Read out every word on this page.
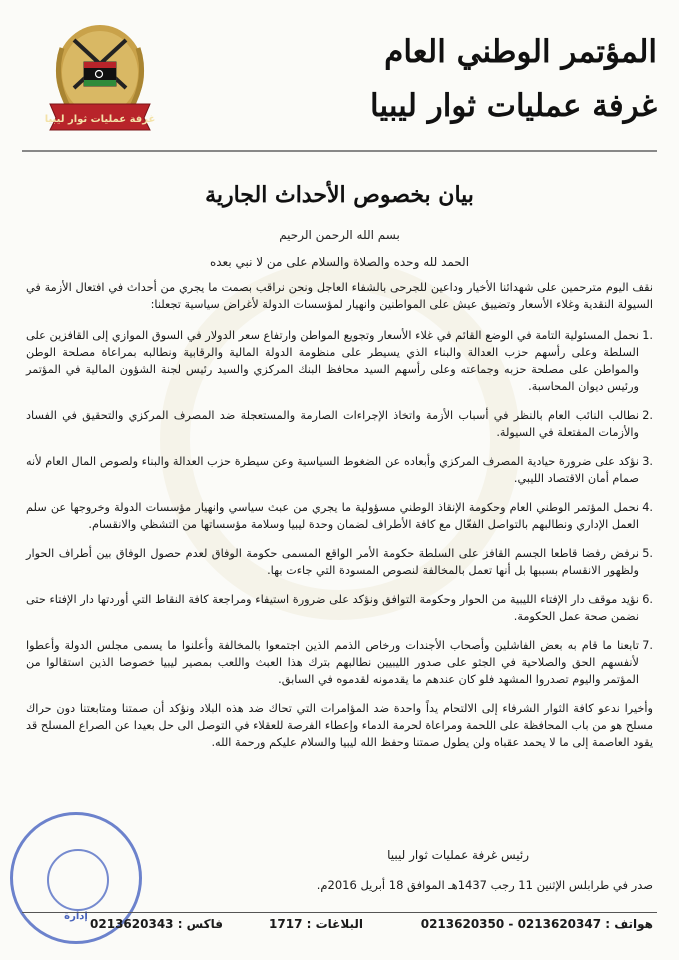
غرفة عمليات ثوار ليبيا
المؤتمر الوطني العام
غرفة عمليات ثوار ليبيا
بيان بخصوص الأحداث الجارية
بسم الله الرحمن الرحيم
الحمد لله وحده والصلاة والسلام على من لا نبي بعده

نقف اليوم مترحمين على شهدائنا الأخيار وداعين للجرحى بالشفاء العاجل ونحن نراقب بصمت ما يجري من أحداث في افتعال الأزمة في السيولة النقدية وغلاء الأسعار وتضييق عيش على المواطنين وانهيار لمؤسسات الدولة لأغراض سياسية تجعلنا:

1.
نحمل المسئولية التامة في الوضع القائم في غلاء الأسعار وتجويع المواطن وارتفاع سعر الدولار في السوق الموازي إلى القافزين على السلطة وعلى رأسهم حزب العدالة والبناء الذي يسيطر على منظومة الدولة المالية والرقابية ونطالبه بمراعاة مصلحة الوطن والمواطن على مصلحة حزبه وجماعته وعلى رأسهم السيد محافظ البنك المركزي والسيد رئيس لجنة الشؤون المالية في المؤتمر ورئيس ديوان المحاسبة.
2.
نطالب النائب العام بالنظر في أسباب الأزمة واتخاذ الإجراءات الصارمة والمستعجلة ضد المصرف المركزي والتحقيق في الفساد والأزمات المفتعلة في السيولة.
3.
نؤكد على ضرورة حيادية المصرف المركزي وأبعاده عن الضغوط السياسية وعن سيطرة حزب العدالة والبناء ولصوص المال العام لأنه صمام أمان الاقتصاد الليبي.
4.
نحمل المؤتمر الوطني العام وحكومة الإنقاذ الوطني مسؤولية ما يجري من عبث سياسي وانهيار مؤسسات الدولة وخروجها عن سلم العمل الإداري ونطالبهم بالتواصل الفعّال مع كافة الأطراف لضمان وحدة ليبيا وسلامة مؤسساتها من التشظي والانقسام.
5.
نرفض رفضا قاطعا الجسم القافز على السلطة حكومة الأمر الواقع المسمى حكومة الوفاق لعدم حصول الوفاق بين أطراف الحوار ولظهور الانقسام بسببها بل أنها تعمل بالمخالفة لنصوص المسودة التي جاءت بها.
6.
نؤيد موقف دار الإفتاء الليبية من الحوار وحكومة التوافق ونؤكد على ضرورة استيفاء ومراجعة كافة النقاط التي أوردتها دار الإفتاء حتى نضمن صحة عمل الحكومة.
7.
تابعنا ما قام به بعض الفاشلين وأصحاب الأجندات ورخاص الذمم الذين اجتمعوا بالمخالفة وأعلنوا ما يسمى مجلس الدولة وأعطوا لأنفسهم الحق والصلاحية في الجثو على صدور الليبيين نطالبهم بترك هذا العبث واللعب بمصير ليبيا خصوصا الذين استقالوا من المؤتمر واليوم تصدروا المشهد فلو كان عندهم ما يقدمونه لقدموه في السابق.

وأخيرا ندعو كافة الثوار الشرفاء إلى الالتحام يداً واحدة ضد المؤامرات التي تحاك ضد هذه البلاد ونؤكد أن صمتنا ومتابعتنا دون حراك مسلح هو من باب المحافظة على اللحمة ومراعاة لحرمة الدماء وإعطاء الفرصة للعقلاء في التوصل الى حل بعيدا عن الصراع المسلح قد يقود العاصمة إلى ما لا يحمد عقباه ولن يطول صمتنا وحفظ الله ليبيا والسلام عليكم ورحمة الله.

رئيس غرفة عمليات ثوار ليبيا
صدر في طرابلس الإثنين 11 رجب 1437هـ الموافق 18 أبريل 2016م.
إدارة
هواتف : 0213620347 - 0213620350
البلاغات : 1717
فاكس : 0213620343
